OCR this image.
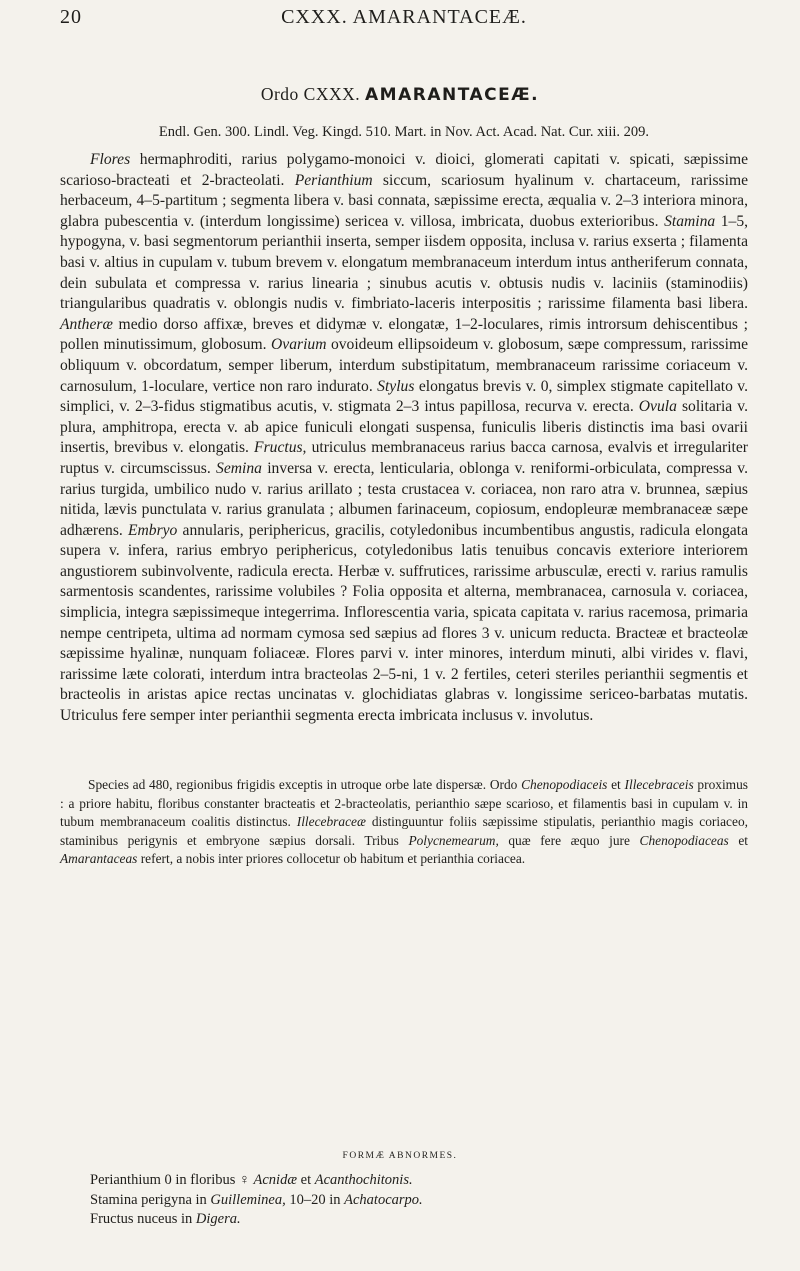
20	CXXX. AMARANTACEÆ.
Ordo CXXX. AMARANTACEÆ.
Endl. Gen. 300. Lindl. Veg. Kingd. 510. Mart. in Nov. Act. Acad. Nat. Cur. xiii. 209.

Flores hermaphroditi, rarius polygamo-monoici v. dioici, glomerati capitati v. spicati, sæpissime scarioso-bracteati et 2-bracteolati. Perianthium siccum, scariosum hyalinum v. chartaceum, rarissime herbaceum, 4–5-partitum ; segmenta libera v. basi connata, sæpissime erecta, æqualia v. 2–3 interiora minora, glabra pubescentia v. (interdum longissime) sericea v. villosa, imbricata, duobus exterioribus. Stamina 1–5, hypogyna, v. basi segmentorum perianthii inserta, semper iisdem opposita, inclusa v. rarius exserta ; filamenta basi v. altius in cupulam v. tubum brevem v. elongatum membranaceum interdum intus antheriferum connata, dein subulata et compressa v. rarius linearia ; sinubus acutis v. obtusis nudis v. laciniis (staminodiis) triangularibus quadratis v. oblongis nudis v. fimbriato-laceris interpositis ; rarissime filamenta basi libera. Antheræ medio dorso affixæ, breves et didymæ v. elongatæ, 1–2-loculares, rimis introrsum dehiscentibus ; pollen minutissimum, globosum. Ovarium ovoideum ellipsoideum v. globosum, sæpe compressum, rarissime obliquum v. obcordatum, semper liberum, interdum substipitatum, membranaceum rarissime coriaceum v. carnosulum, 1-loculare, vertice non raro indurato. Stylus elongatus brevis v. 0, simplex stigmate capitellato v. simplici, v. 2–3-fidus stigmatibus acutis, v. stigmata 2–3 intus papillosa, recurva v. erecta. Ovula solitaria v. plura, amphitropa, erecta v. ab apice funiculi elongati suspensa, funiculis liberis distinctis ima basi ovarii insertis, brevibus v. elongatis. Fructus, utriculus membranaceus rarius bacca carnosa, evalvis et irregulariter ruptus v. circumscissus. Semina inversa v. erecta, lenticularia, oblonga v. reniformi-orbiculata, compressa v. rarius turgida, umbilico nudo v. rarius arillato ; testa crustacea v. coriacea, non raro atra v. brunnea, sæpius nitida, lævis punctulata v. rarius granulata ; albumen farinaceum, copiosum, endopleuræ membranaceæ sæpe adhærens. Embryo annularis, periphericus, gracilis, cotyledonibus incumbentibus angustis, radicula elongata supera v. infera, rarius embryo periphericus, cotyledonibus latis tenuibus concavis exteriore interiorem angustiorem subinvolvente, radicula erecta. Herbæ v. suffrutices, rarissime arbusculæ, erecti v. rarius ramulis sarmentosis scandentes, rarissime volubiles ? Folia opposita et alterna, membranacea, carnosula v. coriacea, simplicia, integra sæpissimeque integerrima. Inflorescentia varia, spicata capitata v. rarius racemosa, primaria nempe centripeta, ultima ad normam cymosa sed sæpius ad flores 3 v. unicum reducta. Bracteæ et bracteolæ sæpissime hyalinæ, nunquam foliaceæ. Flores parvi v. inter minores, interdum minuti, albi virides v. flavi, rarissime læte colorati, interdum intra bracteolas 2–5-ni, 1 v. 2 fertiles, ceteri steriles perianthii segmentis et bracteolis in aristas apice rectas uncinatas v. glochidiatas glabras v. longissime sericeo-barbatas mutatis. Utriculus fere semper inter perianthii segmenta erecta imbricata inclusus v. involutus.

Species ad 480, regionibus frigidis exceptis in utroque orbe late dispersæ. Ordo Chenopodiaceis et Illecebraceis proximus : a priore habitu, floribus constanter bracteatis et 2-bracteolatis, perianthio sæpe scarioso, et filamentis basi in cupulam v. in tubum membranaceum coalitis distinctus. Illecebraceæ distinguuntur foliis sæpissime stipulatis, perianthio magis coriaceo, staminibus perigynis et embryone sæpius dorsali. Tribus Polycnemearum, quæ fere æquo jure Chenopodiaceas et Amarantaceas refert, a nobis inter priores collocetur ob habitum et perianthia coriacea.

FORMÆ ABNORMES.
Perianthium 0 in floribus ♀ Acnidæ et Acanthochitonis.
Stamina perigyna in Guilleminea, 10–20 in Achatocarpo.
Fructus nuceus in Digera.
